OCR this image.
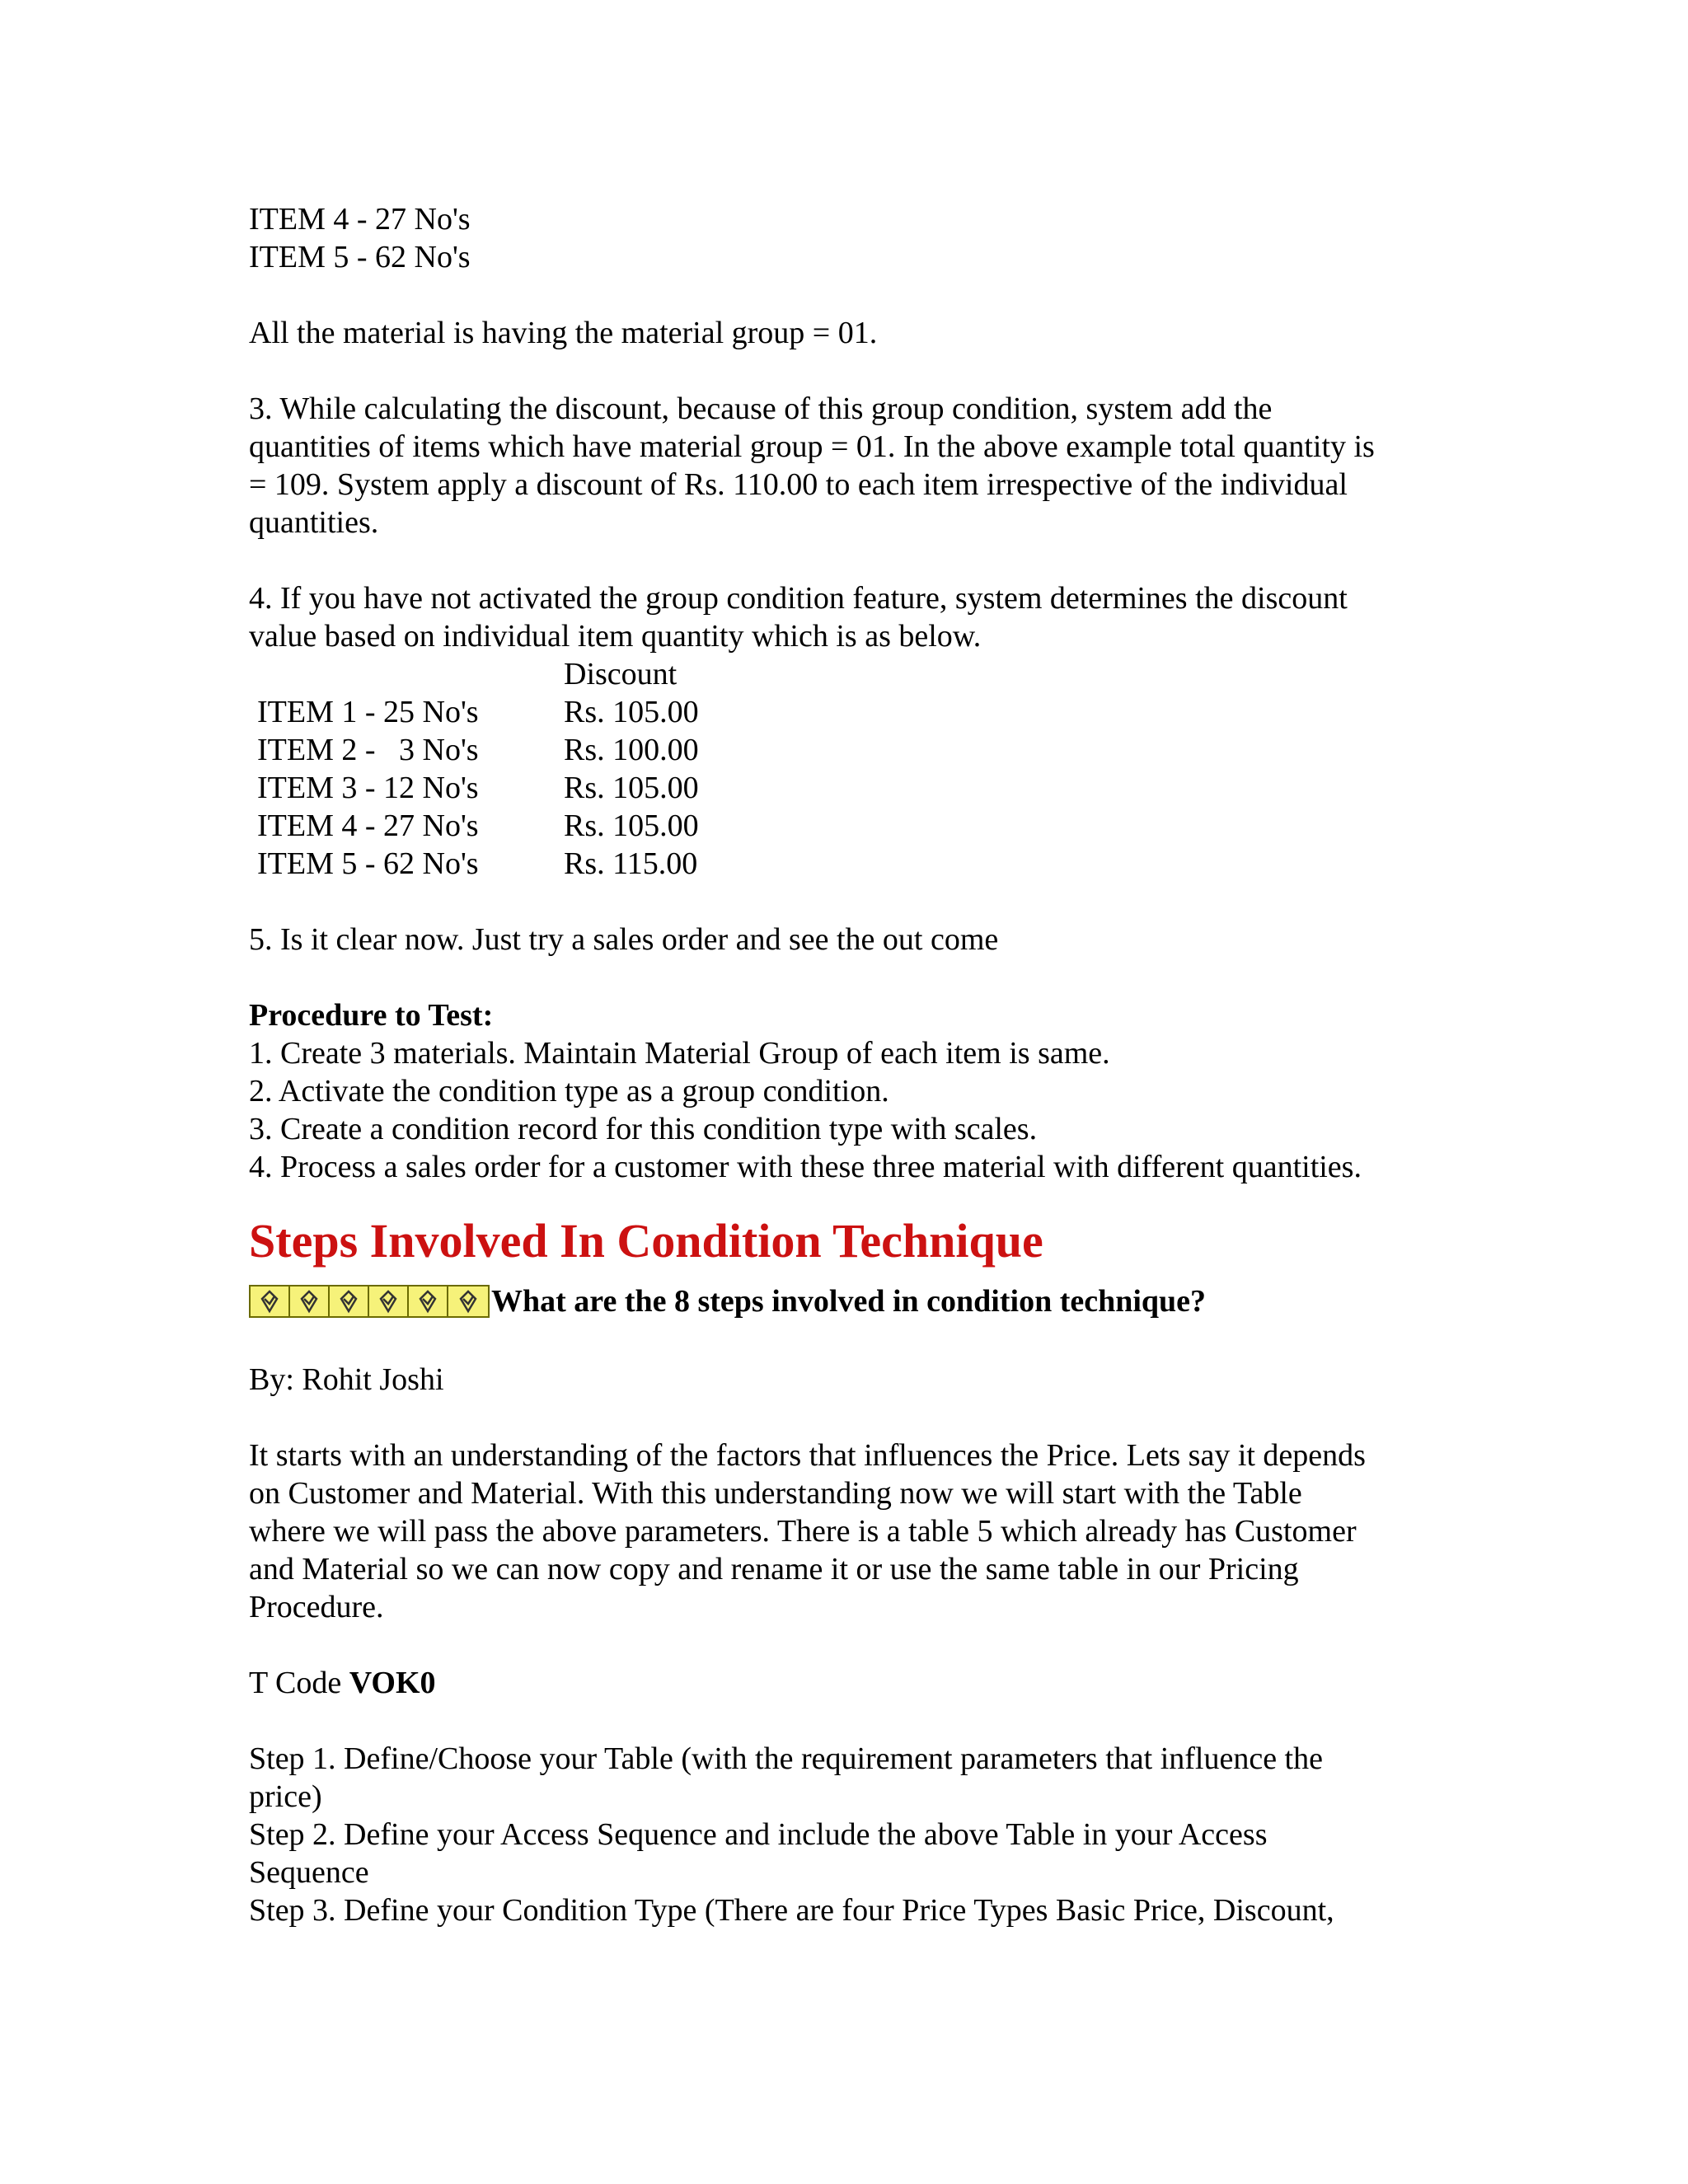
ITEM 4 - 27 No's
ITEM 5 - 62 No's
All the material is having the material group = 01.
3. While calculating the discount, because of this group condition, system add the
quantities of items which have material group = 01. In the above example total quantity is
= 109. System apply a discount of Rs. 110.00 to each item irrespective of the individual
quantities.
4. If you have not activated the group condition feature, system determines the discount
value based on individual item quantity which is as below.
Discount
ITEM 1 - 25 No's	Rs. 105.00
ITEM 2 -   3 No's	Rs. 100.00
ITEM 3 - 12 No's	Rs. 105.00
ITEM 4 - 27 No's	Rs. 105.00
ITEM 5 - 62 No's	Rs. 115.00
5. Is it clear now. Just try a sales order and see the out come
Procedure to Test:
1. Create 3 materials. Maintain Material Group of each item is same.
2. Activate the condition type as a group condition.
3. Create a condition record for this condition type with scales.
4. Process a sales order for a customer with these three material with different quantities.
Steps Involved In Condition Technique
What are the 8 steps involved in condition technique?
By: Rohit Joshi
It starts with an understanding of the factors that influences the Price. Lets say it depends
on Customer and Material. With this understanding now we will start with the Table
where we will pass the above parameters. There is a table 5 which already has Customer
and Material so we can now copy and rename it or use the same table in our Pricing
Procedure.
T Code VOK0
Step 1. Define/Choose your Table (with the requirement parameters that influence the
price)
Step 2. Define your Access Sequence and include the above Table in your Access
Sequence
Step 3. Define your Condition Type (There are four Price Types Basic Price, Discount,
